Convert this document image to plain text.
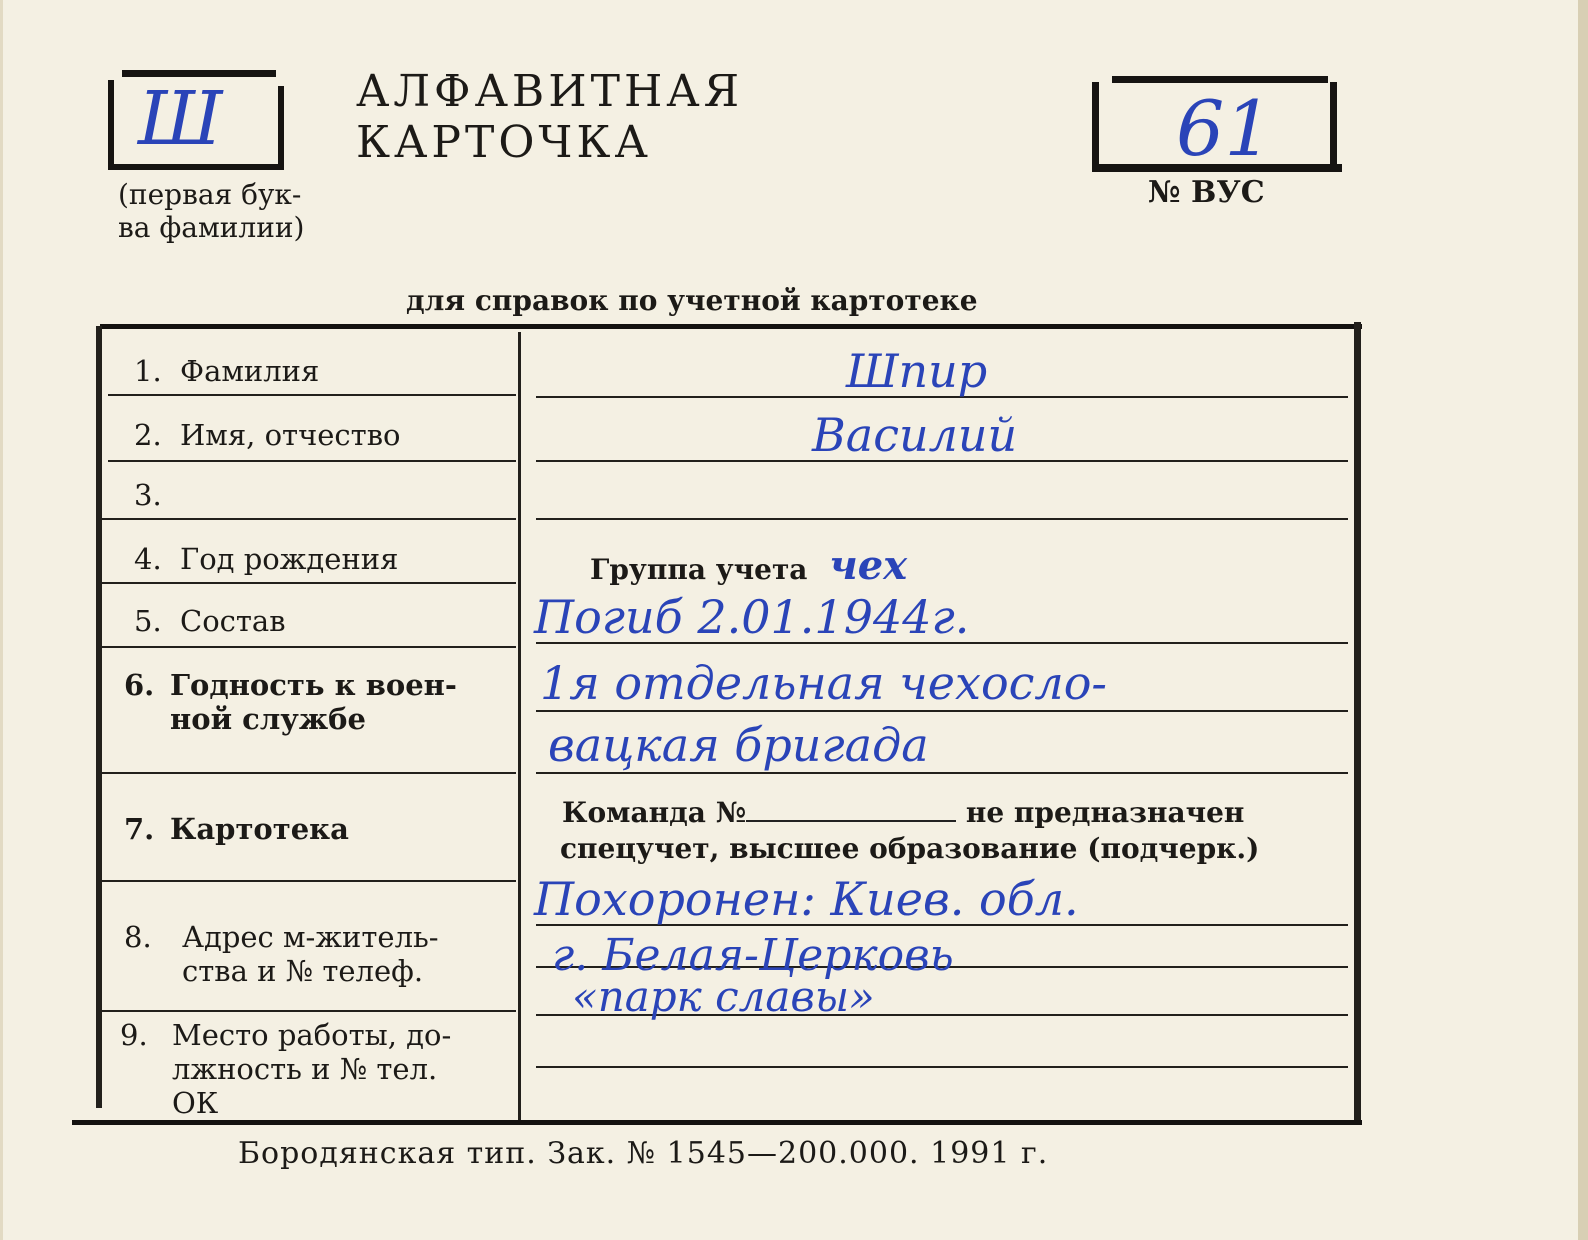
Ш
(первая бук-
ва фамилии)
АЛФАВИТНАЯ КАРТОЧКА	61
№ ВУС
для справок по учетной картотеке
1. Фамилия
2. Имя, отчество
3.
4. Год рождения
5. Состав
6. Годность к воен-
ной службе
7. Картотека
8. Адрес м-житель-
ства и № телеф.
9. Место работы, до-
лжность и № тел.
ОК
Шпир
Василий
Группа учета чех
Погиб 2.01.1944г.
1я отдельная чехосло-
вацкая бригада
Команда №	не предназначен
спецучет, высшее образование (подчерк.)
Похоронен: Киев. обл.
г. Белая-Церковь
«парк славы»
Бородянская тип. Зак. № 1545—200.000. 1991 г.
